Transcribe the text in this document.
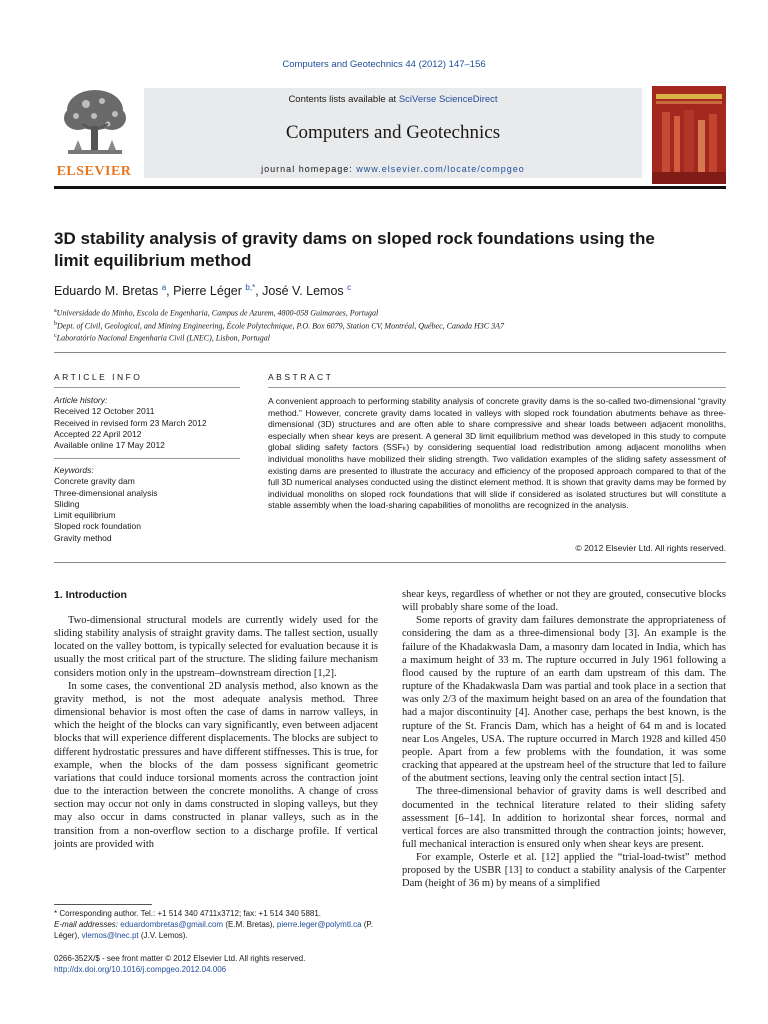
Computers and Geotechnics 44 (2012) 147–156
ELSEVIER
Contents lists available at SciVerse ScienceDirect
Computers and Geotechnics
journal homepage: www.elsevier.com/locate/compgeo
3D stability analysis of gravity dams on sloped rock foundations using the limit equilibrium method
Eduardo M. Bretas $^a$, Pierre Léger $^{b,*}$, José V. Lemos $^c$
$^a$Universidade do Minho, Escola de Engenharia, Campus de Azurem, 4800-058 Guimaraes, Portugal
$^b$Dept. of Civil, Geological, and Mining Engineering, École Polytechnique, P.O. Box 6079, Station CV, Montréal, Québec, Canada H3C 3A7
$^c$Laboratório Nacional Engenharia Civil (LNEC), Lisbon, Portugal
ARTICLE INFO	ABSTRACT
Article history:
Received 12 October 2011
Received in revised form 23 March 2012
Accepted 22 April 2012
Available online 17 May 2012
Keywords:
Concrete gravity dam
Three-dimensional analysis
Sliding
Limit equilibrium
Sloped rock foundation
Gravity method
A convenient approach to performing stability analysis of concrete gravity dams is the so-called two-dimensional “gravity method.” However, concrete gravity dams located in valleys with sloped rock foundation abutments behave as three-dimensional (3D) structures and are often able to share compressive and shear loads between adjacent monoliths, especially when shear keys are present. A general 3D limit equilibrium method was developed in this study to compute global sliding safety factors (SSFₖ) by considering sequential load redistribution among adjacent monoliths when individual monoliths have mobilized their sliding strength. Two validation examples of the sliding safety assessment of existing dams are presented to illustrate the accuracy and efficiency of the proposed approach compared to that of the full 3D numerical analyses conducted using the distinct element method. It is shown that gravity dams may be formed by individual monoliths on sloped rock foundations that will slide if considered as isolated structures but will constitute a stable assembly when the load-sharing capabilities of monoliths are recognized in the analysis.
© 2012 Elsevier Ltd. All rights reserved.
1. Introduction

Two-dimensional structural models are currently widely used for the sliding stability analysis of straight gravity dams. The tallest section, usually located on the valley bottom, is typically selected for evaluation because it is usually the most critical part of the structure. The sliding failure mechanism considers motion only in the upstream–downstream direction [1,2].

In some cases, the conventional 2D analysis method, also known as the gravity method, is not the most adequate analysis method. Three dimensional behavior is most often the case of dams in narrow valleys, in which the height of the blocks can vary significantly, even between adjacent blocks that will experience different displacements. The blocks are subject to different hydrostatic pressures and have different stiffnesses. This is true, for example, when the blocks of the dam possess significant geometric variations that could induce torsional moments across the contraction joint due to the interaction between the concrete monoliths. A change of cross section may occur not only in dams constructed in sloping valleys, but they may also occur in dams constructed in planar valleys, such as in the transition from a non-overflow section to a discharge profile. If vertical joints are provided with

shear keys, regardless of whether or not they are grouted, consecutive blocks will probably share some of the load.

Some reports of gravity dam failures demonstrate the appropriateness of considering the dam as a three-dimensional body [3]. An example is the failure of the Khadakwasla Dam, a masonry dam located in India, which has a maximum height of 33 m. The rupture occurred in July 1961 following a flood caused by the rupture of an earth dam upstream of this dam. The rupture of the Khadakwasla Dam was partial and took place in a section that was only 2/3 of the maximum height based on an area of the foundation that had a major discontinuity [4]. Another case, perhaps the best known, is the rupture of the St. Francis Dam, which has a height of 64 m and is located near Los Angeles, USA. The rupture occurred in March 1928 and killed 450 people. Apart from a few problems with the foundation, it was some cracking that appeared at the upstream heel of the structure that led to failure of the abutment sections, leaving only the central section intact [5].

The three-dimensional behavior of gravity dams is well described and documented in the technical literature related to their sliding safety assessment [6–14]. In addition to horizontal shear forces, normal and vertical forces are also transmitted through the contraction joints; however, full mechanical interaction is ensured only when shear keys are present.

For example, Osterle et al. [12] applied the “trial-load-twist” method proposed by the USBR [13] to conduct a stability analysis of the Carpenter Dam (height of 36 m) by means of a simplified

* Corresponding author. Tel.: +1 514 340 4711x3712; fax: +1 514 340 5881.
E-mail addresses: eduardombretas@gmail.com (E.M. Bretas), pierre.leger@polymtl.ca (P. Léger), vlemos@lnec.pt (J.V. Lemos).
0266-352X/$ - see front matter © 2012 Elsevier Ltd. All rights reserved.
http://dx.doi.org/10.1016/j.compgeo.2012.04.006
